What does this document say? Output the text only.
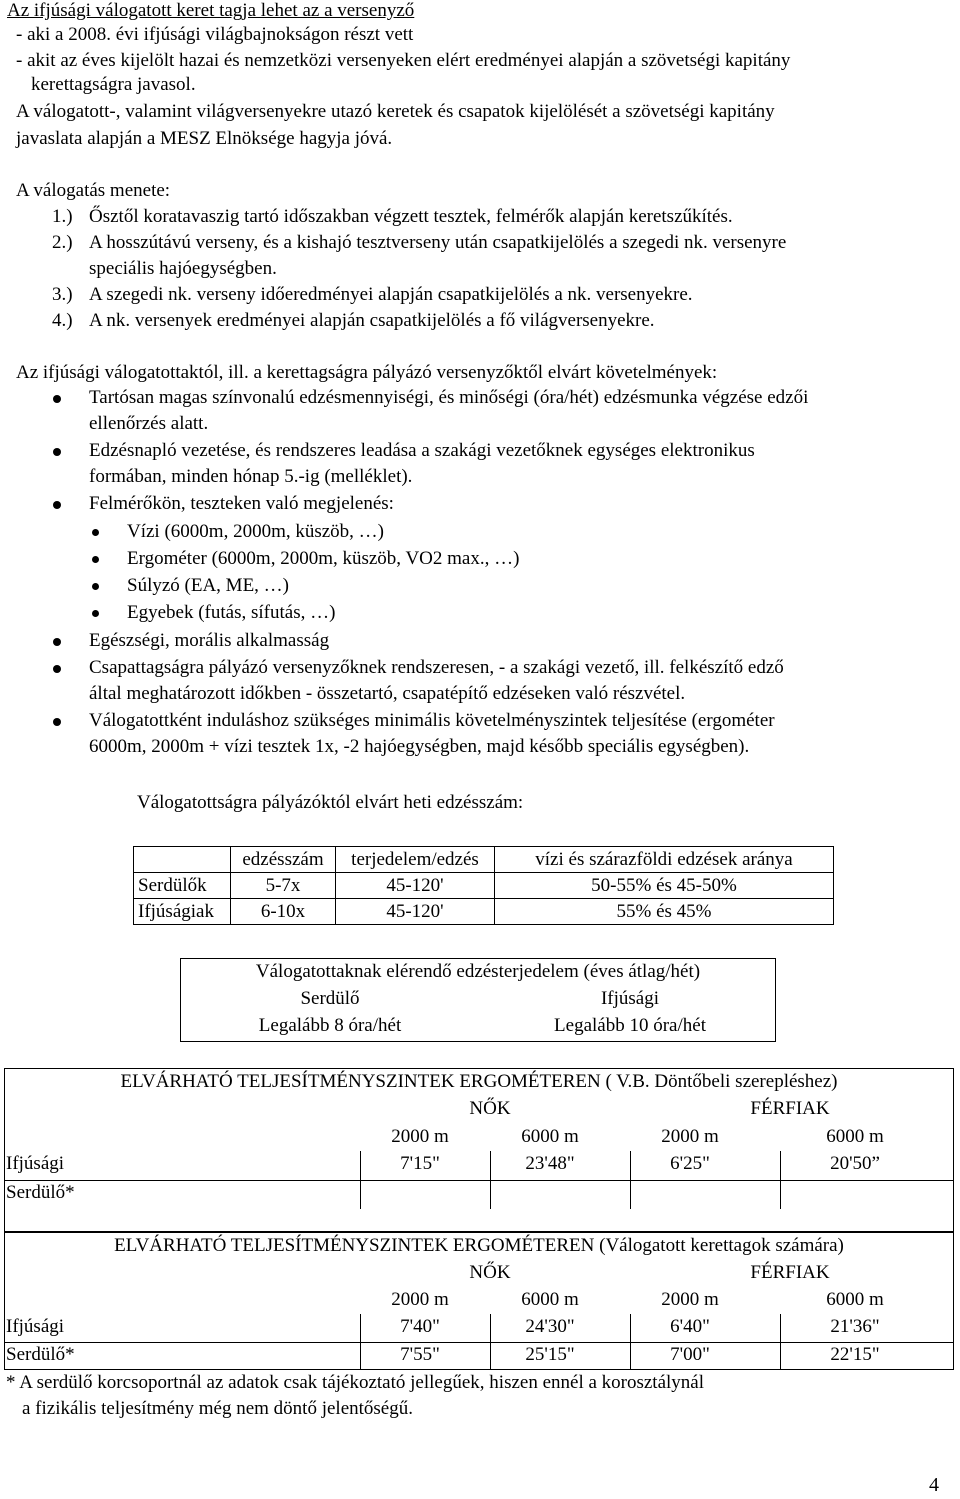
Az ifjúsági válogatott keret tagja lehet az a versenyző
- aki a 2008. évi ifjúsági világbajnokságon részt vett
- akit az éves kijelölt hazai és nemzetközi versenyeken elért eredményei alapján a szövetségi kapitány
kerettagságra javasol.
A válogatott-, valamint világversenyekre utazó keretek és csapatok kijelölését a szövetségi kapitány
javaslata alapján a MESZ Elnöksége hagyja jóvá.
A válogatás menete:
1.) Ősztől koratavaszig tartó időszakban végzett tesztek, felmérők alapján keretszűkítés.
2.) A hosszútávú verseny, és a kishajó tesztverseny után csapatkijelölés a szegedi nk. versenyre
speciális hajóegységben.
3.) A szegedi nk. verseny időeredményei alapján csapatkijelölés a nk. versenyekre.
4.) A nk. versenyek eredményei alapján csapatkijelölés a fő világversenyekre.
Az ifjúsági válogatottaktól, ill. a kerettagságra pályázó versenyzőktől elvárt követelmények:
Tartósan magas színvonalú edzésmennyiségi, és minőségi (óra/hét) edzésmunka végzése edzői
ellenőrzés alatt.
Edzésnapló vezetése, és rendszeres leadása a szakági vezetőknek egységes elektronikus
formában, minden hónap 5.-ig (melléklet).
Felmérőkön, teszteken való megjelenés:
Vízi (6000m, 2000m, küszöb, …)
Ergométer (6000m, 2000m, küszöb, VO2 max., …)
Súlyzó (EA, ME, …)
Egyebek (futás, sífutás, …)
Egészségi, morális alkalmasság
Csapattagságra pályázó versenyzőknek rendszeresen, - a szakági vezető, ill. felkészítő edző
által meghatározott időkben - összetartó, csapatépítő edzéseken való részvétel.
Válogatottként induláshoz szükséges minimális követelményszintek teljesítése (ergométer
6000m, 2000m + vízi tesztek 1x, -2 hajóegységben, majd később speciális egységben).
Válogatottságra pályázóktól elvárt heti edzésszám:
	edzésszám	terjedelem/edzés	vízi és szárazföldi edzések aránya
Serdülők	5-7x	45-120'	50-55% és 45-50%
Ifjúságiak	6-10x	45-120'	55% és 45%
Válogatottaknak elérendő edzésterjedelem (éves átlag/hét)
Serdülő	Ifjúsági
Legalább 8 óra/hét	Legalább 10 óra/hét
ELVÁRHATÓ TELJESÍTMÉNYSZINTEK ERGOMÉTEREN ( V.B. Döntőbeli szerepléshez)
NŐK	FÉRFIAK
2000 m	6000 m	2000 m	6000 m
Ifjúsági	7'15"	23'48"	6'25"	20'50”
Serdülő*
ELVÁRHATÓ TELJESÍTMÉNYSZINTEK ERGOMÉTEREN (Válogatott kerettagok számára)
NŐK	FÉRFIAK
2000 m	6000 m	2000 m	6000 m
Ifjúsági	7'40"	24'30"	6'40"	21'36"
Serdülő*	7'55"	25'15"	7'00"	22'15"
* A serdülő korcsoportnál az adatok csak tájékoztató jellegűek, hiszen ennél a korosztálynál
a fizikális teljesítmény még nem döntő jelentőségű.
4
